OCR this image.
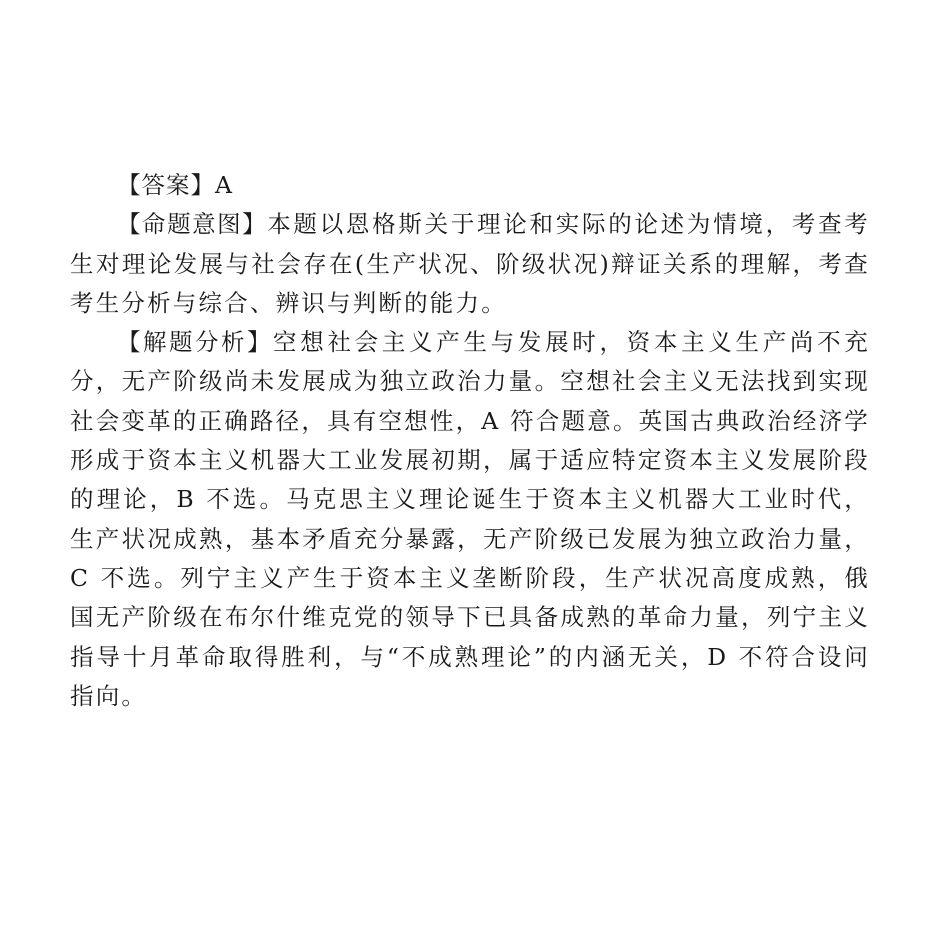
【答案】A

【命题意图】本题以恩格斯关于理论和实际的论述为情境，考查考生对理论发展与社会存在(生产状况、阶级状况)辩证关系的理解，考查考生分析与综合、辨识与判断的能力。

【解题分析】空想社会主义产生与发展时，资本主义生产尚不充分，无产阶级尚未发展成为独立政治力量。空想社会主义无法找到实现社会变革的正确路径，具有空想性，A 符合题意。英国古典政治经济学形成于资本主义机器大工业发展初期，属于适应特定资本主义发展阶段的理论，B 不选。马克思主义理论诞生于资本主义机器大工业时代，生产状况成熟，基本矛盾充分暴露，无产阶级已发展为独立政治力量，C 不选。列宁主义产生于资本主义垄断阶段，生产状况高度成熟，俄国无产阶级在布尔什维克党的领导下已具备成熟的革命力量，列宁主义指导十月革命取得胜利，与“不成熟理论”的内涵无关，D 不符合设问指向。
